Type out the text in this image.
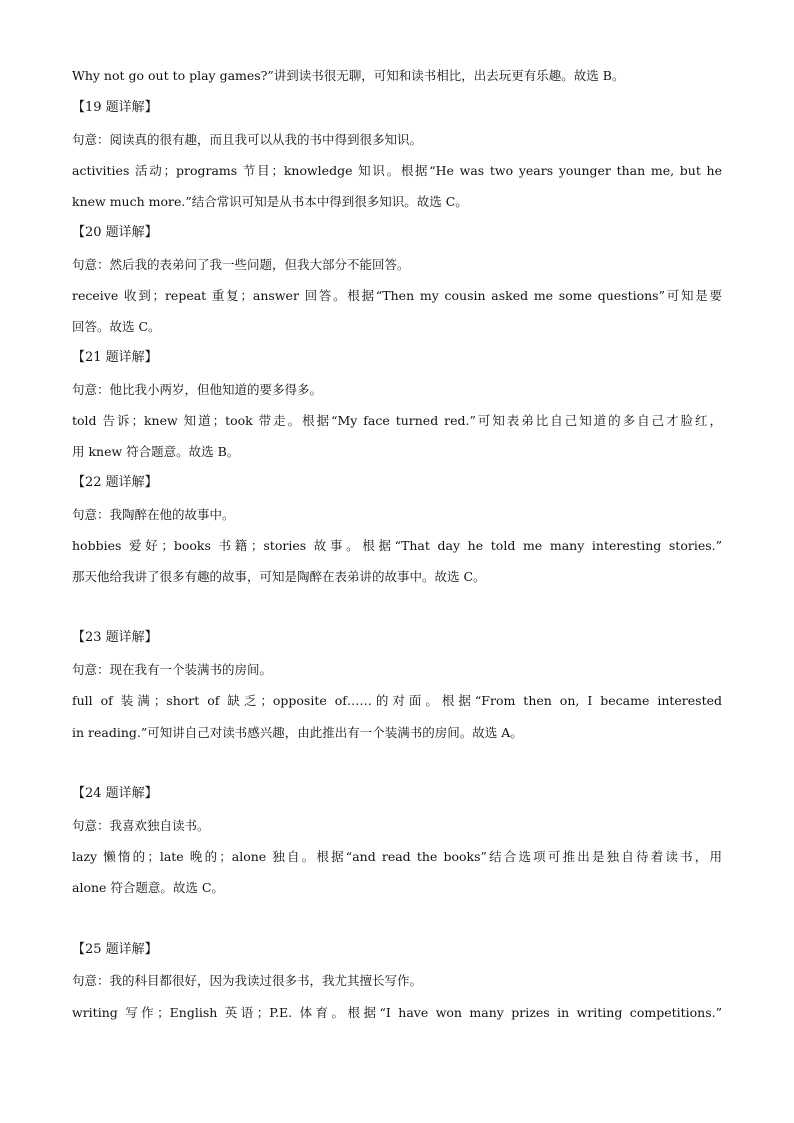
Why not go out to play games?”讲到读书很无聊，可知和读书相比，出去玩更有乐趣。故选 B。
【19 题详解】
句意：阅读真的很有趣，而且我可以从我的书中得到很多知识。
activities 活动；programs 节目；knowledge 知识。根据“He was two years younger than me, but he
knew much more.”结合常识可知是从书本中得到很多知识。故选 C。
【20 题详解】
句意：然后我的表弟问了我一些问题，但我大部分不能回答。
receive 收到；repeat 重复；answer 回答。根据“Then my cousin asked me some questions”可知是要
回答。故选 C。
【21 题详解】
句意：他比我小两岁，但他知道的要多得多。
told 告诉；knew 知道；took 带走。根据“My face turned red.”可知表弟比自己知道的多自己才脸红，
用 knew 符合题意。故选 B。
【22 题详解】
句意：我陶醉在他的故事中。
hobbies 爱好；books 书籍；stories 故事。根据“That day he told me many interesting stories.”
那天他给我讲了很多有趣的故事，可知是陶醉在表弟讲的故事中。故选 C。
【23 题详解】
句意：现在我有一个装满书的房间。
full of 装满；short of 缺乏；opposite of……的对面。根据“From then on, I became interested
in reading.”可知讲自己对读书感兴趣，由此推出有一个装满书的房间。故选 A。
【24 题详解】
句意：我喜欢独自读书。
lazy 懒惰的；late 晚的；alone 独自。根据“and read the books”结合选项可推出是独自待着读书，用
alone 符合题意。故选 C。
【25 题详解】
句意：我的科目都很好，因为我读过很多书，我尤其擅长写作。
writing 写作；English 英语；P.E. 体育。根据“I have won many prizes in writing competitions.”
